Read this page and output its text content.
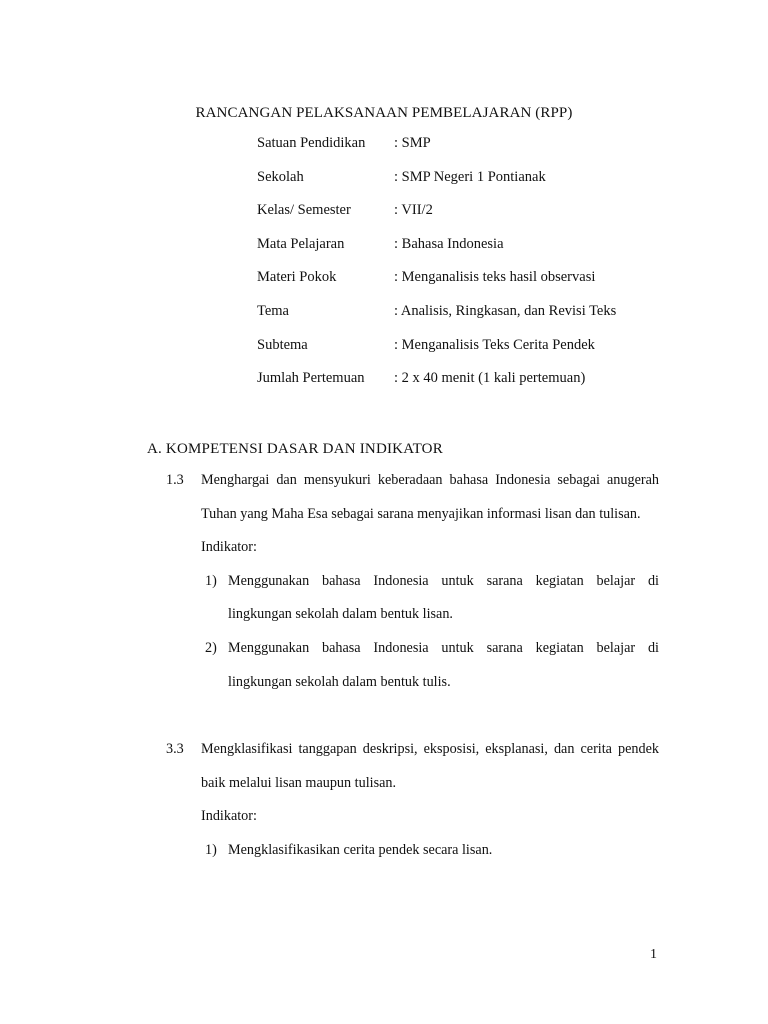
RANCANGAN PELAKSANAAN PEMBELAJARAN (RPP)
Satuan Pendidikan	: SMP
Sekolah	: SMP Negeri 1 Pontianak
Kelas/ Semester	: VII/2
Mata Pelajaran	: Bahasa Indonesia
Materi Pokok	: Menganalisis teks hasil observasi
Tema	: Analisis, Ringkasan, dan Revisi Teks
Subtema	: Menganalisis Teks Cerita Pendek
Jumlah Pertemuan	: 2 x 40 menit (1 kali pertemuan)
A. KOMPETENSI DASAR DAN INDIKATOR
1.3 Menghargai dan mensyukuri keberadaan bahasa Indonesia sebagai anugerah Tuhan yang Maha Esa sebagai sarana menyajikan informasi lisan dan tulisan.
Indikator:
1) Menggunakan bahasa Indonesia untuk sarana kegiatan belajar di lingkungan sekolah dalam bentuk lisan.
2) Menggunakan bahasa Indonesia untuk sarana kegiatan belajar di lingkungan sekolah dalam bentuk tulis.
3.3 Mengklasifikasi tanggapan deskripsi, eksposisi, eksplanasi, dan cerita pendek baik melalui lisan maupun tulisan.
Indikator:
1) Mengklasifikasikan cerita pendek secara lisan.
1
